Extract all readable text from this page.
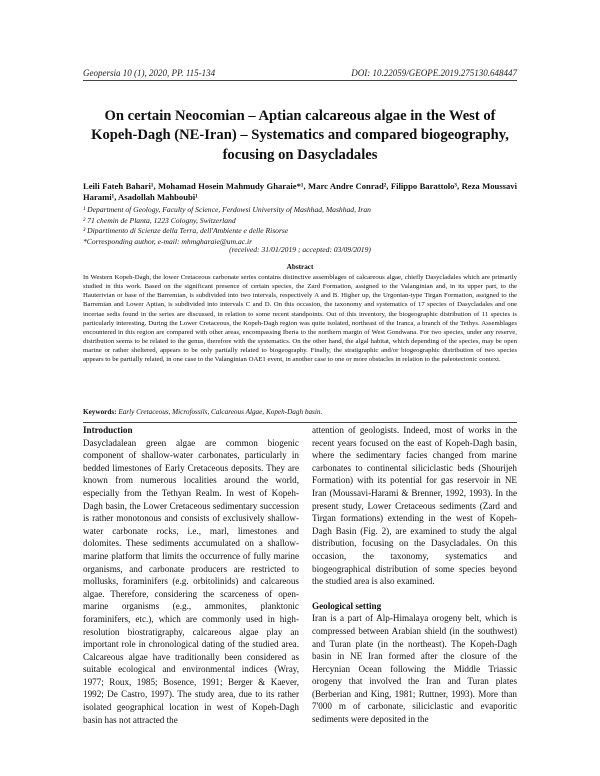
Geopersia 10 (1), 2020, PP. 115-134	DOI: 10.22059/GEOPE.2019.275130.648447
On certain Neocomian – Aptian calcareous algae in the West of Kopeh-Dagh (NE-Iran) – Systematics and compared biogeography, focusing on Dasycladales
Leili Fateh Bahari¹, Mohamad Hosein Mahmudy Gharaie*¹, Marc Andre Conrad², Filippo Barattolo³, Reza Moussavi Harami¹, Asadollah Mahboubi¹
¹ Department of Geology, Faculty of Science, Ferdowsi University of Mashhad, Mashhad, Iran
² 71 chemin de Planta, 1223 Cologny, Switzerland
³ Dipartimento di Scienze della Terra, dell'Ambiente e delle Risorse
*Corresponding author, e-mail: mhmgharaie@um.ac.ir
(received: 31/01/2019 ; accepted: 03/09/2019)
Abstract
In Western Kopeh-Dagh, the lower Cretaceous carbonate series contains distinctive assemblages of calcareous algae, chiefly Dasycladales which are primarily studied in this work. Based on the significant presence of certain species, the Zard Formation, assigned to the Valanginian and, in its upper part, to the Hauterivian or base of the Barremian, is subdivided into two intervals, respectively A and B. Higher up, the Urgonian-type Tirgan Formation, assigned to the Barremian and Lower Aptian, is subdivided into intervals C and D. On this occasion, the taxonomy and systematics of 17 species of Dasycladales and one incertae sedis found in the series are discussed, in relation to some recent standpoints. Out of this inventory, the biogeographic distribution of 11 species is particularly interesting. During the Lower Cretaceous, the Kopeh-Dagh region was quite isolated, northeast of the Iranca, a branch of the Tethys. Assemblages encountered in this region are compared with other areas, encompassing Iberia to the northern margin of West Gondwana. For two species, under any reserve, distribution seems to be related to the genus, therefore with the systematics. On the other hand, the algal habitat, which depending of the species, may be open marine or rather sheltered, appears to be only partially related to biogeography. Finally, the stratigraphic and/or biogeographic distribution of two species appears to be partially related, in one case to the Valanginian OAE1 event, in another case to one or more obstacles in relation to the paleotectonic context.
Keywords: Early Cretaceous, Microfossils, Calcareous Algae, Kopeh-Dagh basin.

Introduction

Dasycladalean green algae are common biogenic component of shallow-water carbonates, particularly in bedded limestones of Early Cretaceous deposits. They are known from numerous localities around the world, especially from the Tethyan Realm. In west of Kopeh-Dagh basin, the Lower Cretaceous sedimentary succession is rather monotonous and consists of exclusively shallow-water carbonate rocks, i.e., marl, limestones and dolomites. These sediments accumulated on a shallow-marine platform that limits the occurrence of fully marine organisms, and carbonate producers are restricted to mollusks, foraminifers (e.g. orbitolinids) and calcareous algae. Therefore, considering the scarceness of open-marine organisms (e.g., ammonites, planktonic foraminifers, etc.), which are commonly used in high-resolution biostratigraphy, calcareous algae play an important role in chronological dating of the studied area. Calcareous algae have traditionally been considered as suitable ecological and environmental indices (Wray, 1977; Roux, 1985; Bosence, 1991; Berger & Kaever, 1992; De Castro, 1997). The study area, due to its rather isolated geographical location in west of Kopeh-Dagh basin has not attracted the

attention of geologists. Indeed, most of works in the recent years focused on the east of Kopeh-Dagh basin, where the sedimentary facies changed from marine carbonates to continental siliciclastic beds (Shourijeh Formation) with its potential for gas reservoir in NE Iran (Moussavi-Harami & Brenner, 1992, 1993). In the present study, Lower Cretaceous sediments (Zard and Tirgan formations) extending in the west of Kopeh-Dagh Basin (Fig. 2), are examined to study the algal distribution, focusing on the Dasycladales. On this occasion, the taxonomy, systematics and biogeographical distribution of some species beyond the studied area is also examined.

Geological setting

Iran is a part of Alp-Himalaya orogeny belt, which is compressed between Arabian shield (in the southwest) and Turan plate (in the northeast). The Kopeh-Dagh basin in NE Iran formed after the closure of the Hercynian Ocean following the Middle Triassic orogeny that involved the Iran and Turan plates (Berberian and King, 1981; Ruttner, 1993). More than 7'000 m of carbonate, siliciclastic and evaporitic sediments were deposited in the
